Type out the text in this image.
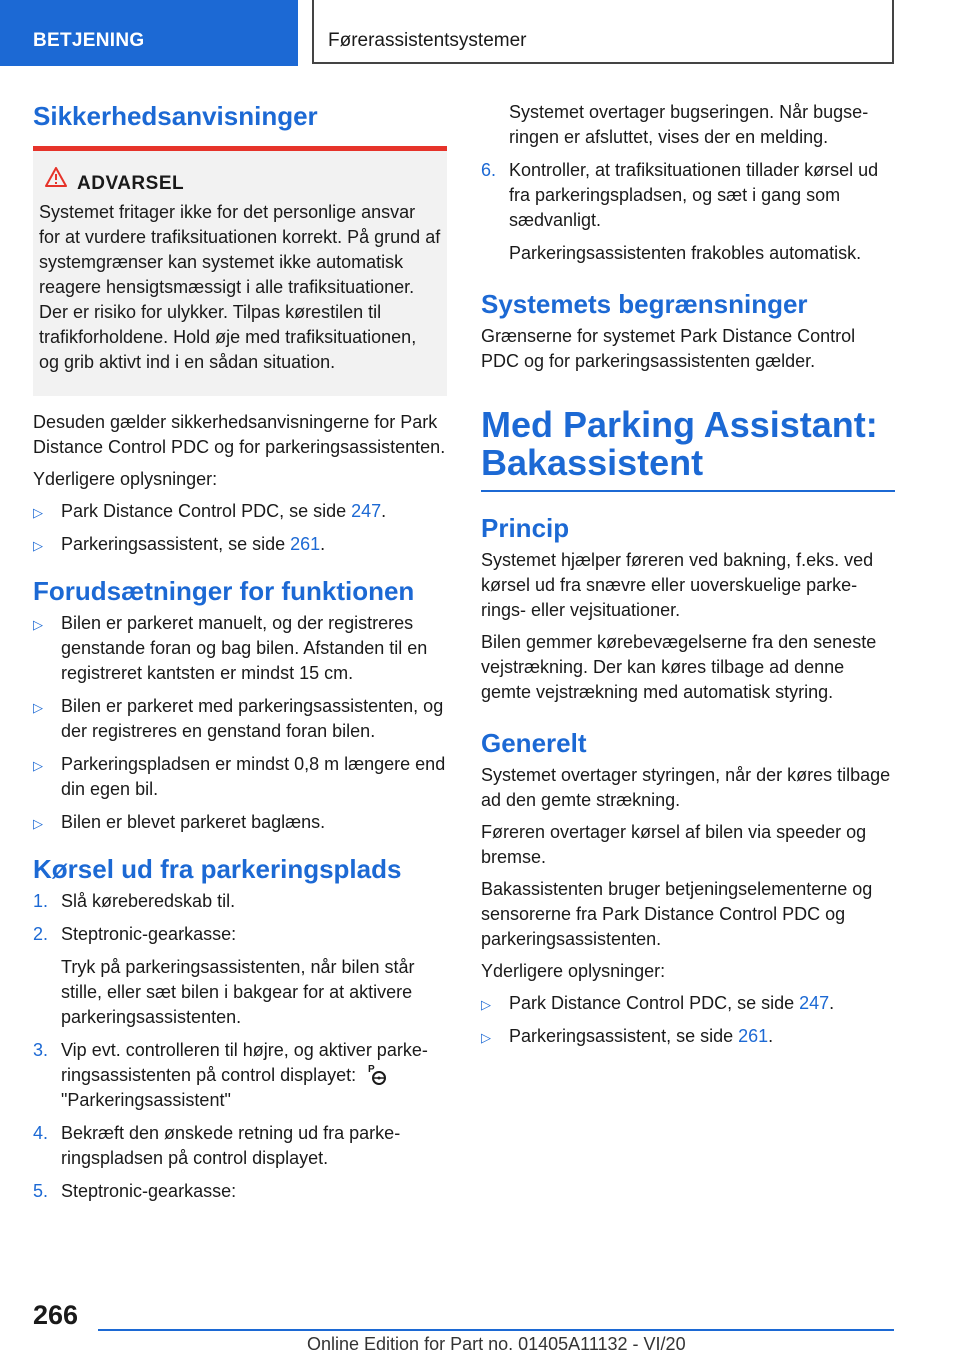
BETJENING	Førerassistentsystemer
Sikkerhedsanvisninger
ADVARSEL

Systemet fritager ikke for det personlige ansvar for at vurdere trafiksituationen korrekt. På grund af systemgrænser kan systemet ikke automatisk reagere hensigtsmæssigt i alle trafiksituationer. Der er risiko for ulykker. Tilpas kørestilen til trafikforholdene. Hold øje med trafiksituationen, og grib aktivt ind i en sådan situation.

Desuden gælder sikkerhedsanvisningerne for Park Distance Control PDC og for parkeringsassistenten.

Yderligere oplysninger:

▷ Park Distance Control PDC, se side 247.
▷ Parkeringsassistent, se side 261.
Forudsætninger for funktionen
▷ Bilen er parkeret manuelt, og der registreres genstande foran og bag bilen. Afstanden til en registreret kantsten er mindst 15 cm.
▷ Bilen er parkeret med parkeringsassistenten, og der registreres en genstand foran bilen.
▷ Parkeringspladsen er mindst 0,8 m længere end din egen bil.
▷ Bilen er blevet parkeret baglæns.
Kørsel ud fra parkeringsplads
1. Slå køreberedskab til.
2. Steptronic-gearkasse:
Tryk på parkeringsassistenten, når bilen står stille, eller sæt bilen i bakgear for at aktivere parkeringsassistenten.
3. Vip evt. controlleren til højre, og aktiver parkeringsassistenten på control displayet: P

"Parkeringsassistent"
4. Bekræft den ønskede retning ud fra parkeringspladsen på control displayet.
5. Steptronic-gearkasse:
Systemet overtager bugseringen. Når bugseringen er afsluttet, vises der en melding.
6. Kontroller, at trafiksituationen tillader kørsel ud fra parkeringspladsen, og sæt i gang som sædvanligt.
Parkeringsassistenten frakobles automatisk.
Systemets begrænsninger

Grænserne for systemet Park Distance Control PDC og for parkeringsassistenten gælder.

Med Parking Assistant: Bakassistent
Princip

Systemet hjælper føreren ved bakning, f.eks. ved kørsel ud fra snævre eller uoverskuelige parkerings- eller vejsituationer.

Bilen gemmer kørebevægelserne fra den seneste vejstrækning. Der kan køres tilbage ad denne gemte vejstrækning med automatisk styring.

Generelt

Systemet overtager styringen, når der køres tilbage ad den gemte strækning.

Føreren overtager kørsel af bilen via speeder og bremse.

Bakassistenten bruger betjeningselementerne og sensorerne fra Park Distance Control PDC og parkeringsassistenten.

Yderligere oplysninger:

▷ Park Distance Control PDC, se side 247.
▷ Parkeringsassistent, se side 261.
266
Online Edition for Part no. 01405A11132 - VI/20
